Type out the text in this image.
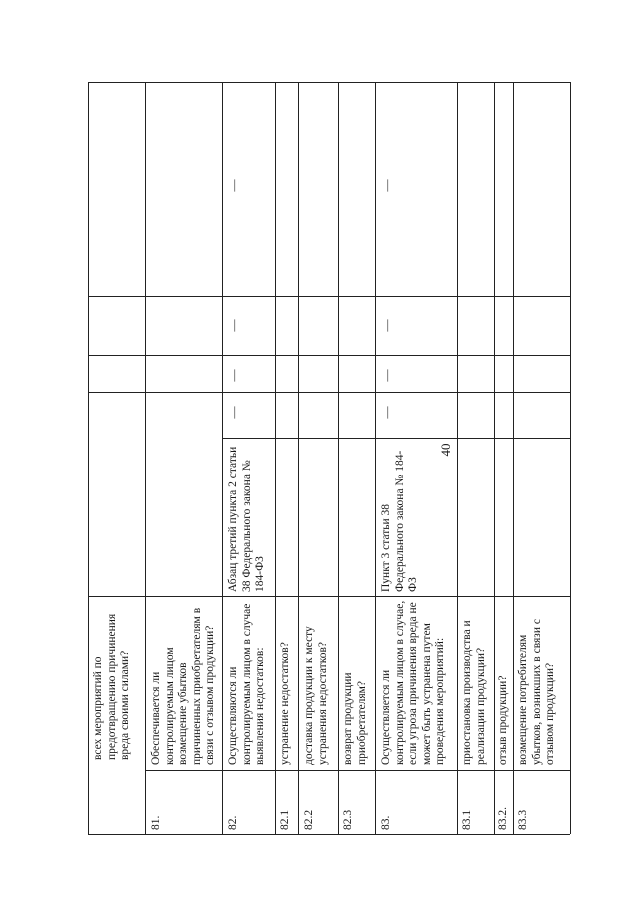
40
всех мероприятий по предотвращению причинения вреда своими силами?
81.
Обеспечивается ли контролируемым лицом возмещение убытков причиненных приобретателям в связи с отзывом продукции?
82.
Осуществляются ли контролируемым лицом в случае выявления недостатков:
Абзац третий пункта 2 статьи 38 Федерального закона № 184-ФЗ
—
—
—
—
82.1
устранение недостатков?
82.2
доставка продукции к месту устранения недостатков?
82.3
возврат продукции приобретателям?
83.
Осуществляется ли контролируемым лицом в случае, если угроза причинения вреда не может быть устранена путем проведения мероприятий:
Пункт 3 статьи 38 Федерального закона № 184-ФЗ
—
—
—
—
83.1
приостановка производства и реализации продукции?
83.2.
отзыв продукции?
83.3
возмещение потребителям убытков, возникших в связи с отзывом продукции?
